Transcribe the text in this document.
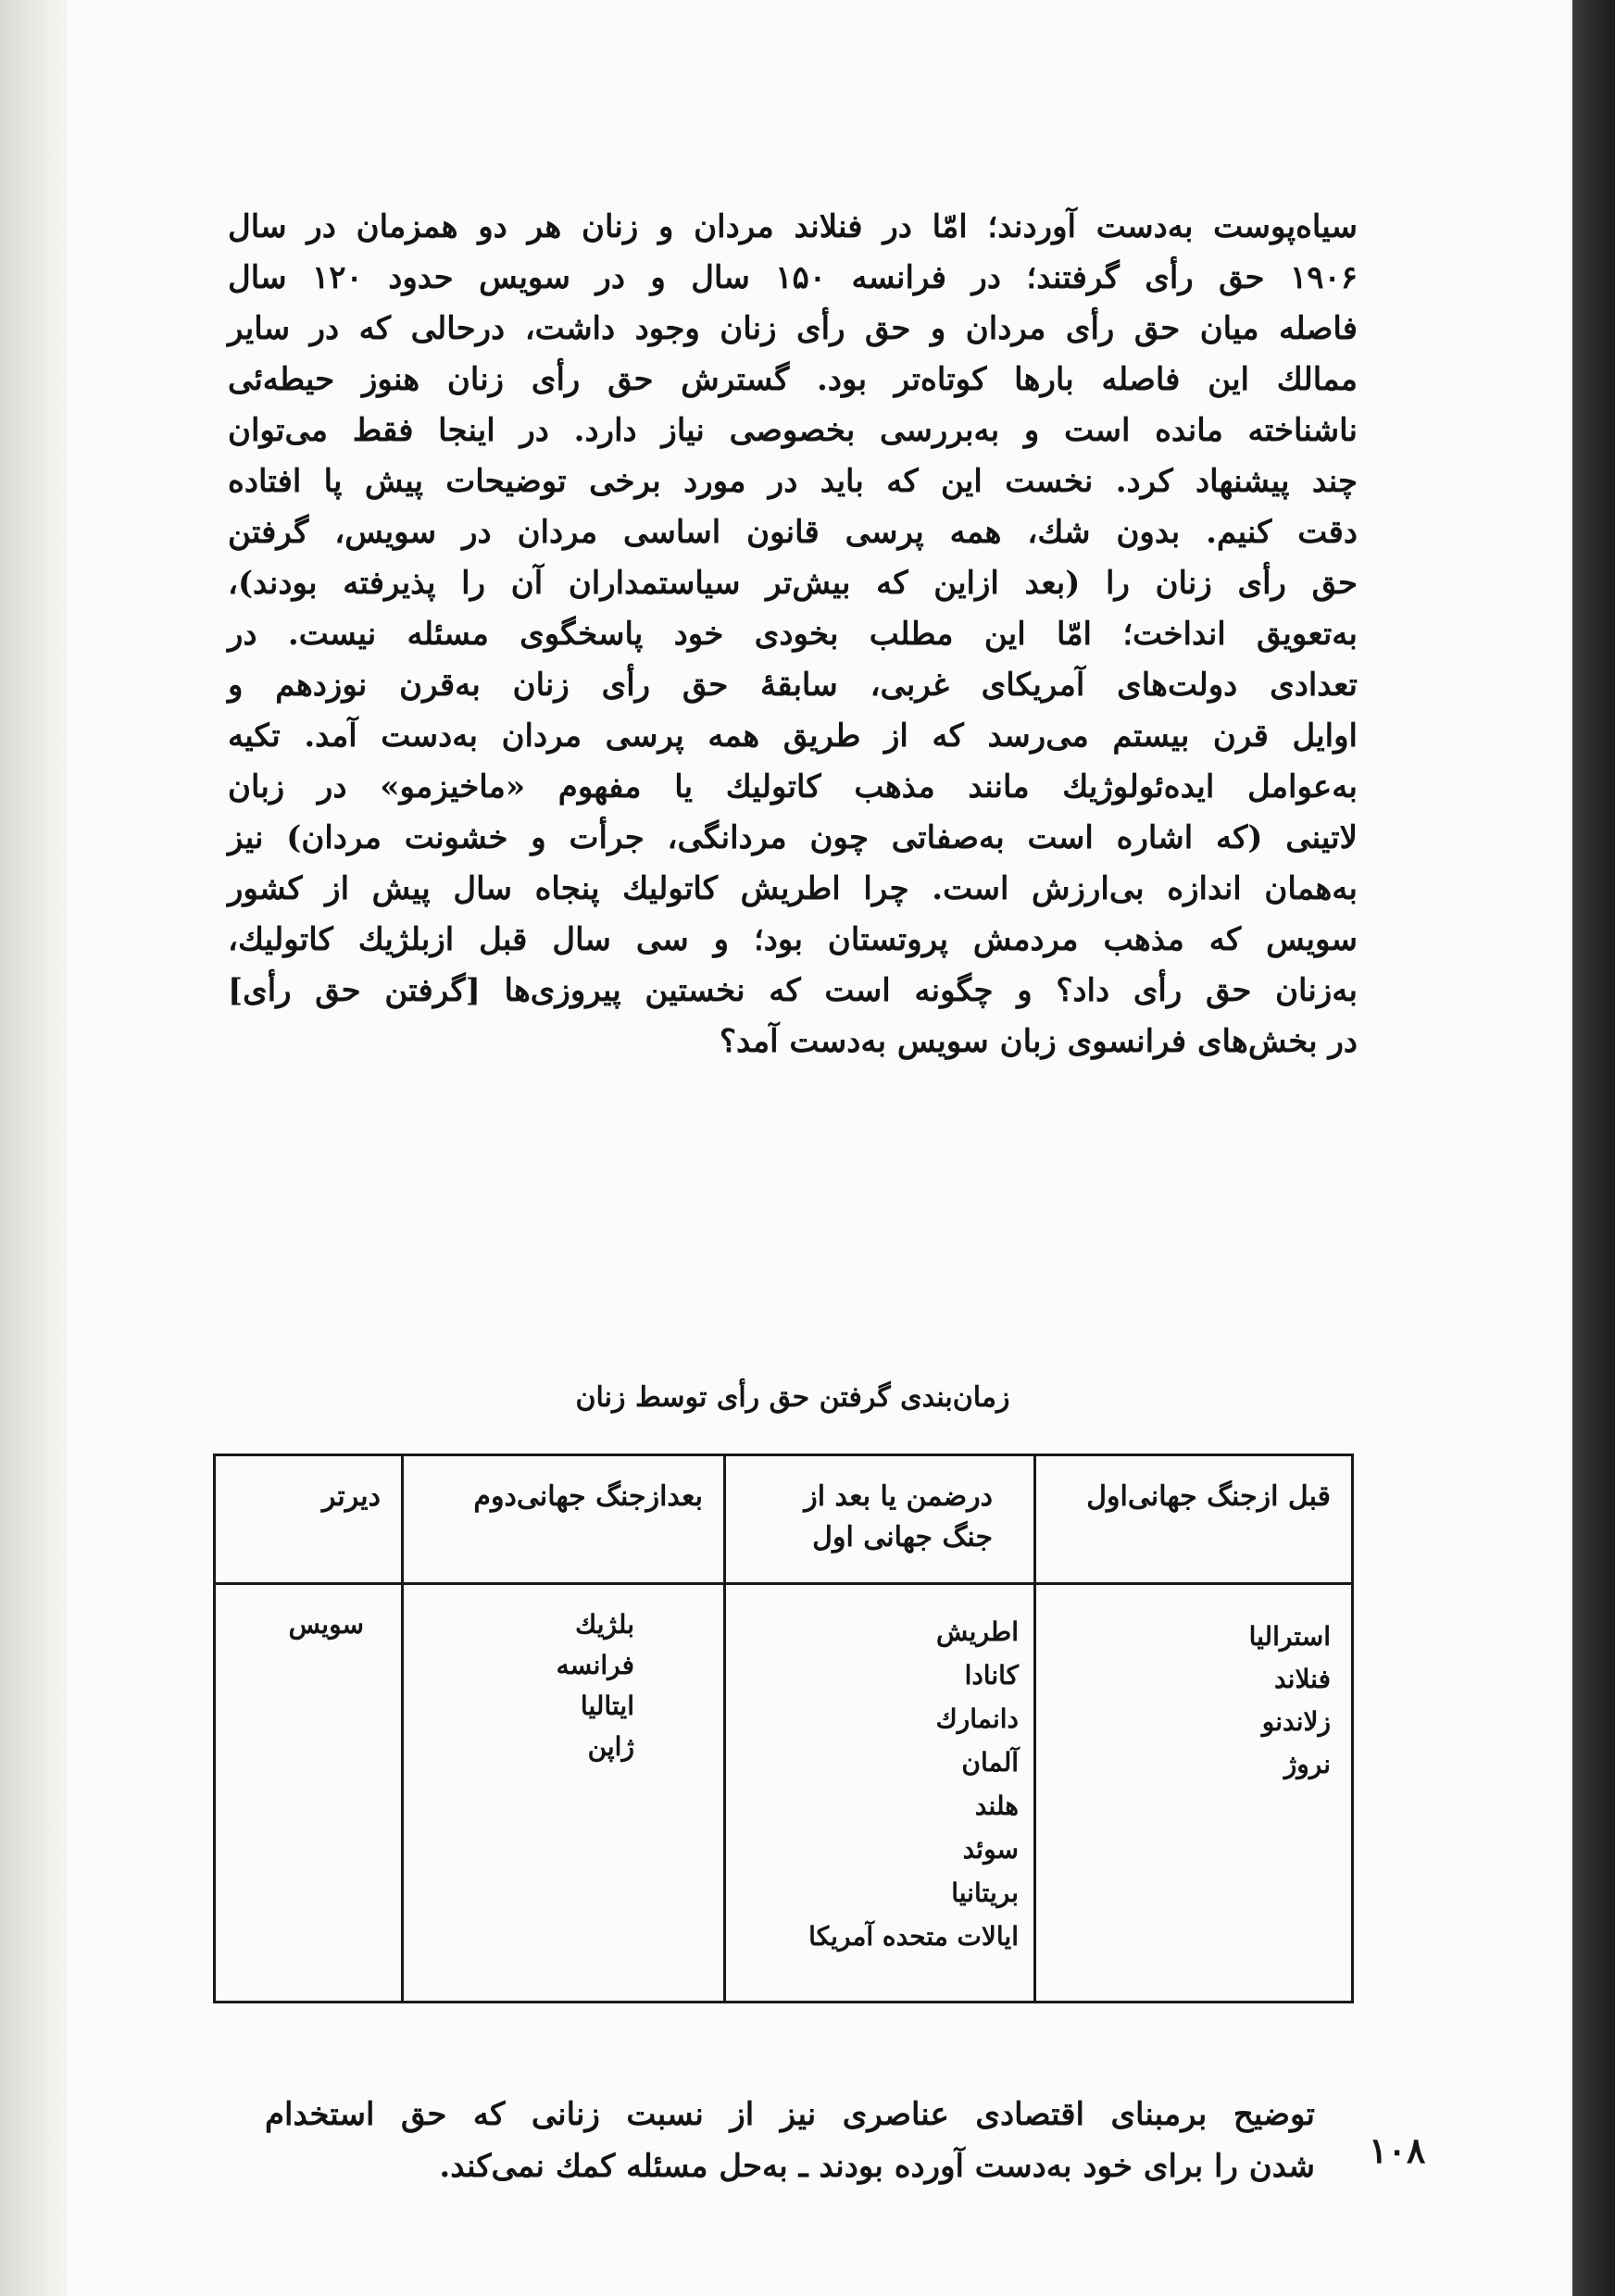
سیاه‌پوست به‌دست آوردند؛ امّا در فنلاند مردان و زنان هر دو همزمان در سال
۱۹۰۶ حق رأی گرفتند؛ در فرانسه ۱۵۰ سال و در سویس حدود ۱۲۰ سال
فاصله میان حق رأی مردان و حق رأی زنان وجود داشت، درحالی که در سایر
ممالك این فاصله بارها کوتاه‌تر بود. گسترش حق رأی زنان هنوز حیطه‌ئی
ناشناخته مانده است و به‌بررسی بخصوصی نیاز دارد. در اینجا فقط می‌توان
چند پیشنهاد کرد. نخست این که باید در مورد برخی توضیحات پیش پا افتاده
دقت کنیم. بدون شك، همه پرسی قانون اساسی مردان در سویس، گرفتن
حق رأی زنان را (بعد ازاین که بیش‌تر سیاستمداران آن را پذیرفته بودند)،
به‌تعویق انداخت؛ امّا این مطلب بخودی خود پاسخگوی مسئله نیست. در
تعدادی دولت‌های آمریکای غربی، سابقهٔ حق رأی زنان به‌قرن نوزدهم و
اوایل قرن بیستم می‌رسد که از طریق همه پرسی مردان به‌دست آمد. تکیه
به‌عوامل ایده‌ئولوژیك مانند مذهب کاتولیك یا مفهوم «ماخیزمو» در زبان
لاتینی (که اشاره است به‌صفاتی چون مردانگی، جرأت و خشونت مردان) نیز
به‌همان اندازه بی‌ارزش است. چرا اطریش کاتولیك پنجاه سال پیش از کشور
سویس که مذهب مردمش پروتستان بود؛ و سی سال قبل ازبلژیك کاتولیك،
به‌زنان حق رأی داد؟ و چگونه است که نخستین پیروزی‌ها [گرفتن حق رأی]
در بخش‌های فرانسوی زبان سویس به‌دست آمد؟
زمان‌بندی گرفتن حق رأی توسط زنان
قبل ازجنگ جهانی‌اول
استرالیا
فنلاند
زلاندنو
نروژ
درضمن یا بعد از جنگ جهانی اول
اطریش
کانادا
دانمارك
آلمان
هلند
سوئد
بریتانیا
ایالات متحده آمریکا
بعدازجنگ جهانی‌دوم
بلژیك
فرانسه
ایتالیا
ژاپن
دیرتر
سویس
توضیح برمبنای اقتصادی عناصری نیز از نسبت زنانی که حق استخدام
شدن را برای خود به‌دست آورده بودند ـ به‌حل مسئله کمك نمی‌کند. ۱۰۸
